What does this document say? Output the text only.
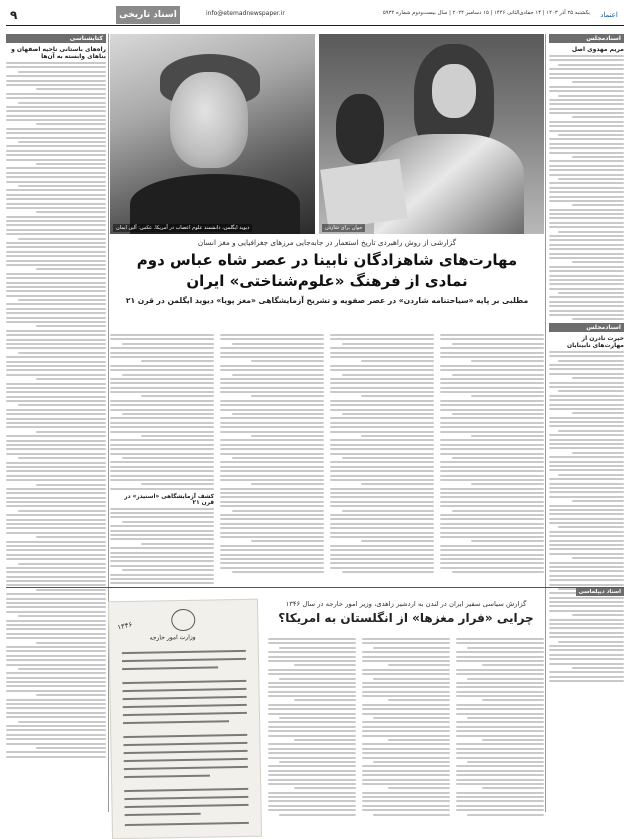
اعتماد
یکشنبه ۲۵ آذر ۱۴۰۳ | ۱۴ جمادی‌الثانی ۱۴۴۶ | ۱۵ دسامبر ۲۰۲۴ | سال بیست‌و‌دوم شماره ۵۹۳۲
info@etemadnewspaper.ir
اسناد تاریخی
۹
اسناد‌مجلس
مریم مهدوی اصل
اسناد‌مجلس
حیرت نادرن از مهارت‌های نابینایان
کتابشناسی
راه‌های باستانی ناحیه اصفهان و بناهای وابسته به آن‌ها
دیوید ایگلمن، دانشمند علوم اعصاب در آمریکا. عکس: آلین ایمان	جوان برای شاردن
گزارشی از روش راهبردی تاریخ استعمار در جابه‌جایی مرزهای جغرافیایی و مغز انسان
مهارت‌های شاهزادگان نابینا در عصر شاه عباس دوم
نمادی از فرهنگ «علوم‌شناختی» ایران
مطلبی بر پایه «سیاحتنامه شاردن» در عصر صفویه و تشریح آزمایشگاهی «مغز پویا» دیوید ایگلمن در قرن ۲۱
کشف آزمایشگاهی «اسنیدر» در قرن ۲۱
اسناد دیپلماسی
۱۳۴۶
وزارت امور خارجه
گزارش سیاسی سفیر ایران در لندن به اردشیر زاهدی، وزیر امور خارجه در سال ۱۳۴۶
چرایی «فرار مغزها» از انگلستان به امریکا؟
